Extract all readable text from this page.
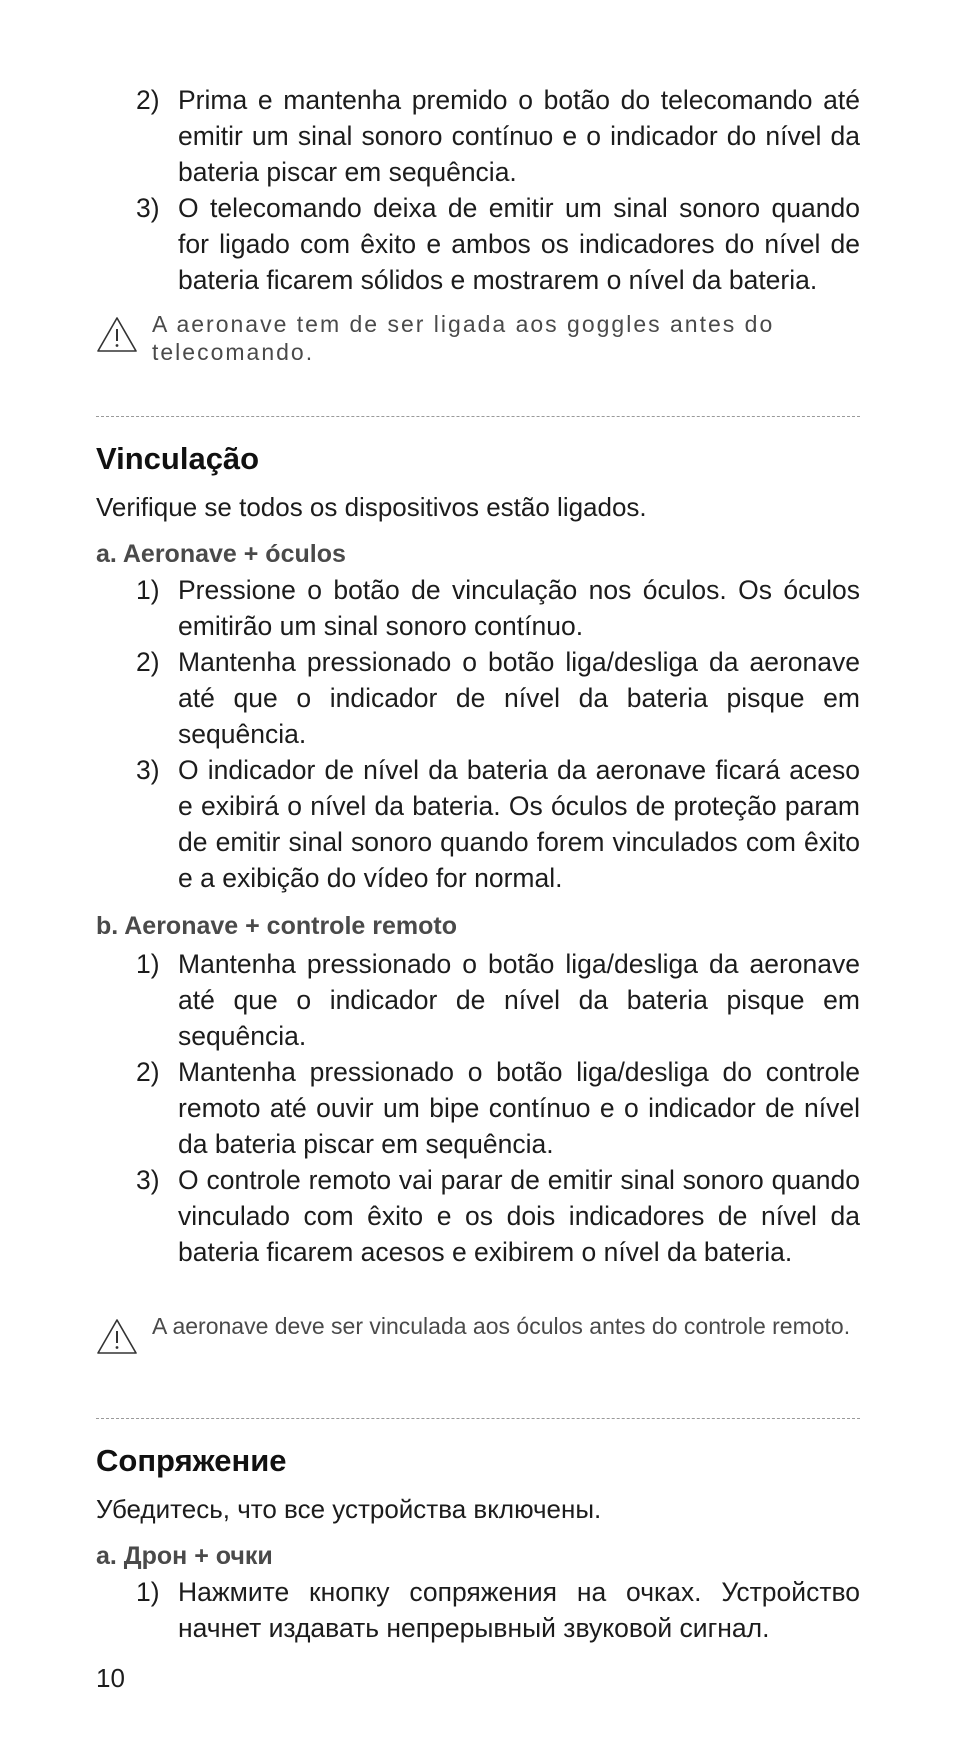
2) Prima e mantenha premido o botão do telecomando até emitir um sinal sonoro contínuo e o indicador do nível da bateria piscar em sequência.
3) O telecomando deixa de emitir um sinal sonoro quando for ligado com êxito e ambos os indicadores do nível de bateria ficarem sólidos e mostrarem o nível da bateria.
A aeronave tem de ser ligada aos goggles antes do telecomando.
Vinculação

Verifique se todos os dispositivos estão ligados.

a. Aeronave + óculos

1) Pressione o botão de vinculação nos óculos. Os óculos emitirão um sinal sonoro contínuo.
2) Mantenha pressionado o botão liga/desliga da aeronave até que o indicador de nível da bateria pisque em sequência.
3) O indicador de nível da bateria da aeronave ficará aceso e exibirá o nível da bateria. Os óculos de proteção param de emitir sinal sonoro quando forem vinculados com êxito e a exibição do vídeo for normal.

b. Aeronave + controle remoto

1) Mantenha pressionado o botão liga/desliga da aeronave até que o indicador de nível da bateria pisque em sequência.
2) Mantenha pressionado o botão liga/desliga do controle remoto até ouvir um bipe contínuo e o indicador de nível da bateria piscar em sequência.
3) O controle remoto vai parar de emitir sinal sonoro quando vinculado com êxito e os dois indicadores de nível da bateria ficarem acesos e exibirem o nível da bateria.
A aeronave deve ser vinculada aos óculos antes do controle remoto.
Сопряжение

Убедитесь, что все устройства включены.

a. Дрон + очки

1) Нажмите кнопку сопряжения на очках. Устройство начнет издавать непрерывный звуковой сигнал.
10
